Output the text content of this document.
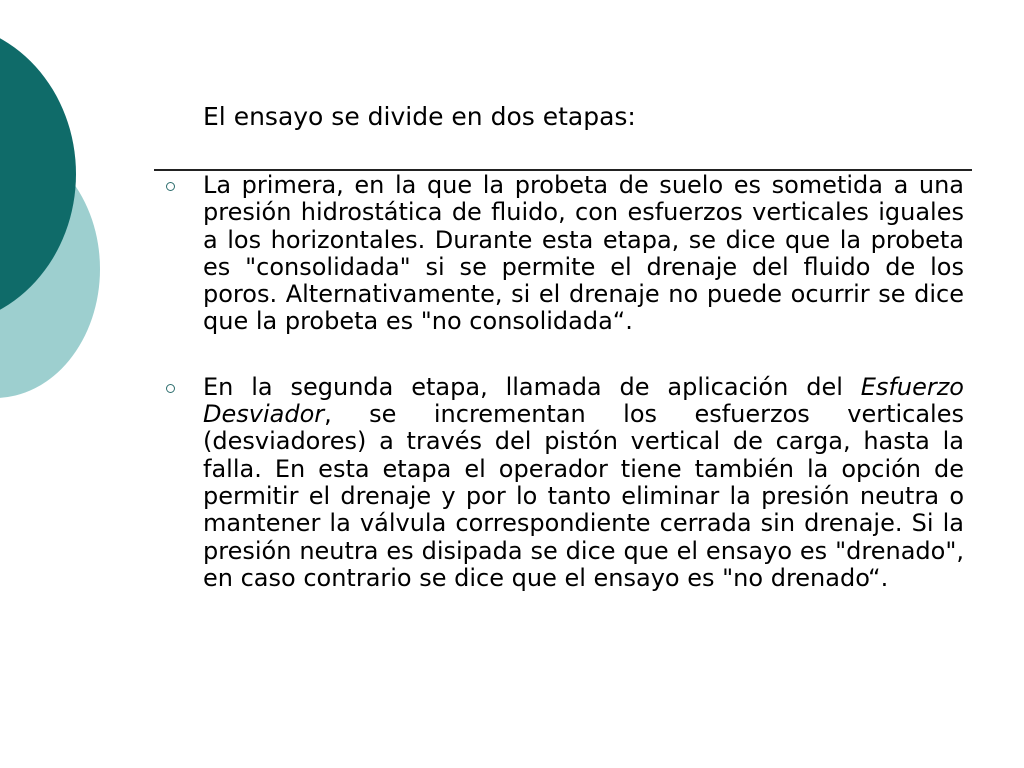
El ensayo se divide en dos etapas:
La primera, en la que la probeta de suelo es sometida a una presión hidrostática de fluido, con esfuerzos verticales iguales a los horizontales. Durante esta etapa, se dice que la probeta es "consolidada" si se permite el drenaje del fluido de los poros. Alternativamente, si el drenaje no puede ocurrir se dice que la probeta es "no consolidada“.
En la segunda etapa, llamada de aplicación del Esfuerzo Desviador, se incrementan los esfuerzos verticales (desviadores) a través del pistón vertical de carga, hasta la falla. En esta etapa el operador tiene también la opción de permitir el drenaje y por lo tanto eliminar la presión neutra o mantener la válvula correspondiente cerrada sin drenaje. Si la presión neutra es disipada se dice que el ensayo es "drenado", en caso contrario se dice que el ensayo es "no drenado“.
